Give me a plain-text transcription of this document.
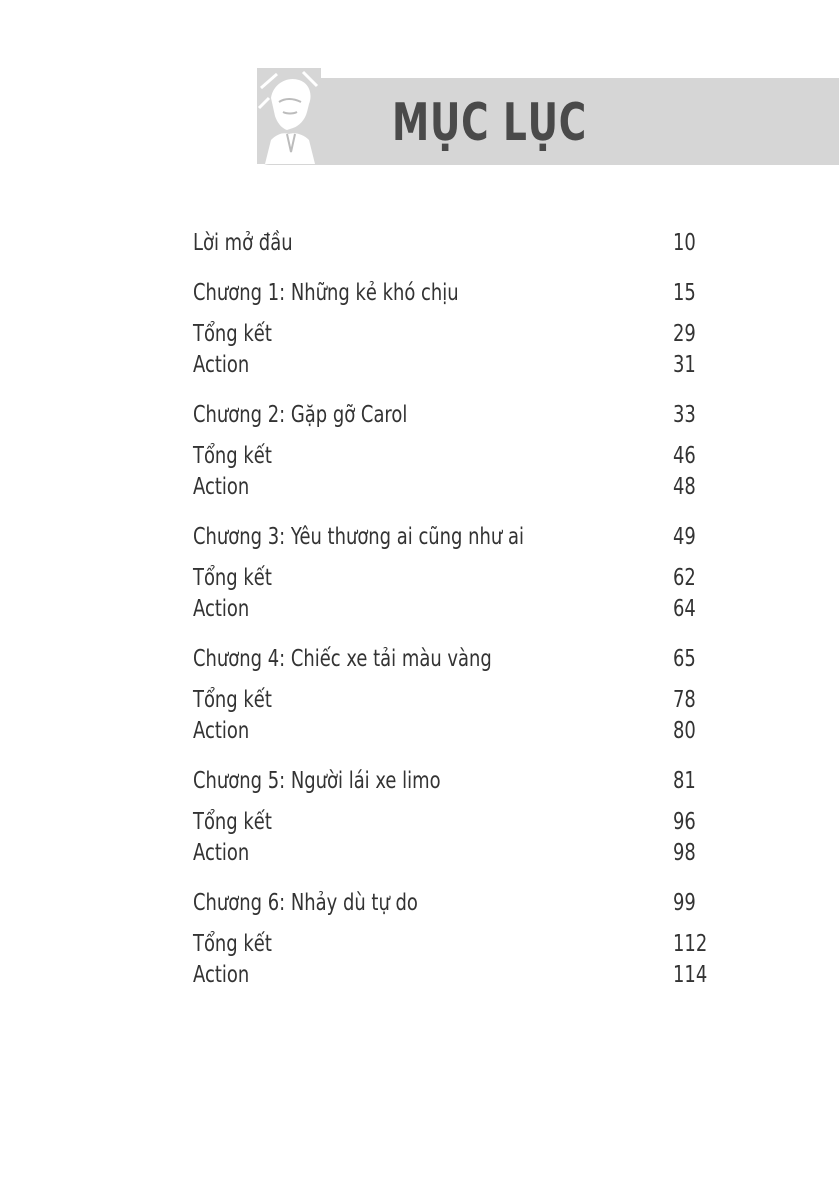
MỤC LỤC
Lời mở đầu	10
Chương 1: Những kẻ khó chịu	15
Tổng kết	29
Action	31
Chương 2: Gặp gỡ Carol	33
Tổng kết	46
Action	48
Chương 3: Yêu thương ai cũng như ai	49
Tổng kết	62
Action	64
Chương 4: Chiếc xe tải màu vàng	65
Tổng kết	78
Action	80
Chương 5: Người lái xe limo	81
Tổng kết	96
Action	98
Chương 6: Nhảy dù tự do	99
Tổng kết	112
Action	114
